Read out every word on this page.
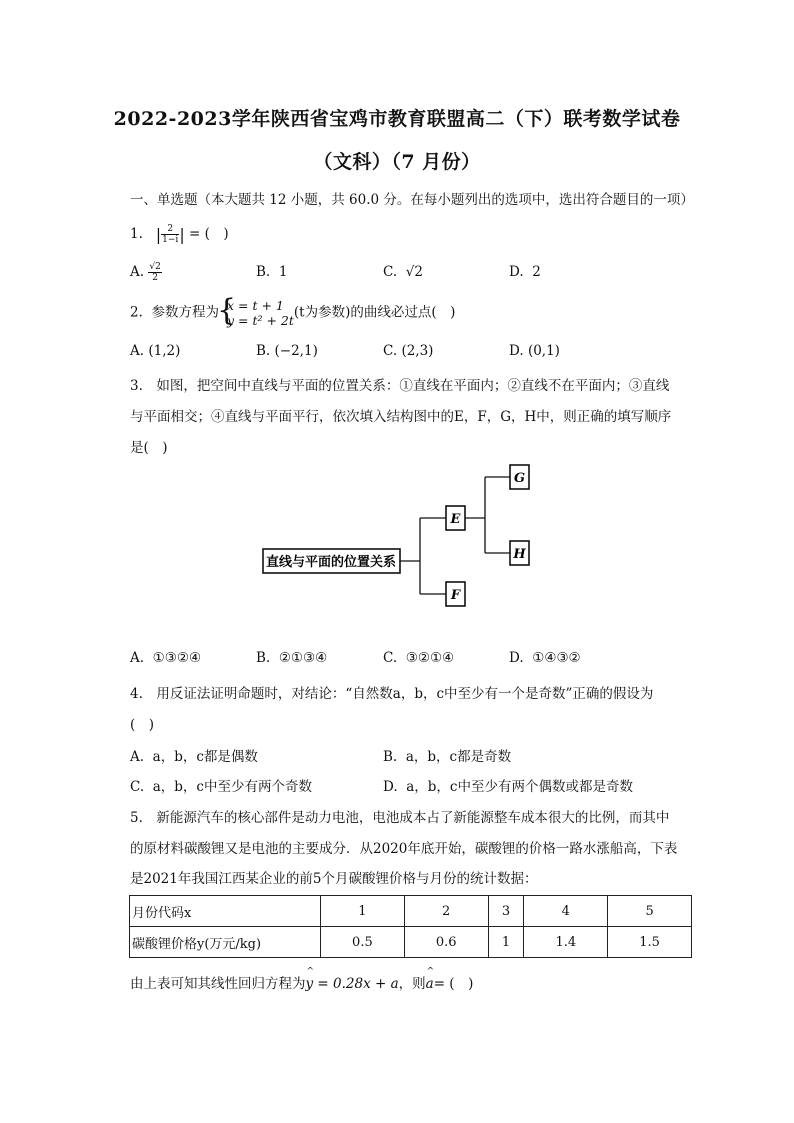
2022-2023学年陕西省宝鸡市教育联盟高二（下）联考数学试卷
（文科）（7 月份）
一、单选题（本大题共 12 小题，共 60.0 分。在每小题列出的选项中，选出符合题目的一项）
1. | $\frac{2}{1-i}$ | = (　)
A. $\frac{√2}{2}$	B. 1	C. √2	D. 2
2. 参数方程为 { x = t + 1
y = t² + 2t (t为参数)的曲线必过点(　)
A. (1,2)	B. (−2,1)	C. (2,3)	D. (0,1)
3.　如图，把空间中直线与平面的位置关系：①直线在平面内；②直线不在平面内；③直线
与平面相交；④直线与平面平行，依次填入结构图中的E，F，G，H中，则正确的填写顺序
是(　)
直线与平面的位置关系
E
F
G
H
A. ①③②④	B. ②①③④	C. ③②①④	D. ①④③②
4.　用反证法证明命题时，对结论：“自然数a，b，c中至少有一个是奇数”正确的假设为
(　)
A. a，b，c都是偶数	B. a，b，c都是奇数
C. a，b，c中至少有两个奇数	D. a，b，c中至少有两个偶数或都是奇数
5.　新能源汽车的核心部件是动力电池，电池成本占了新能源整车成本很大的比例，而其中
的原材料碳酸锂又是电池的主要成分．从2020年底开始，碳酸锂的价格一路水涨船高，下表
是2021年我国江西某企业的前5个月碳酸锂价格与月份的统计数据：
月份代码x	1	2	3	4	5
碳酸锂价格y(万元/kg)	0.5	0.6	1	1.4	1.5
由上表可知其线性回归方程为^ y = 0.28x + a，则^ a= (　)
